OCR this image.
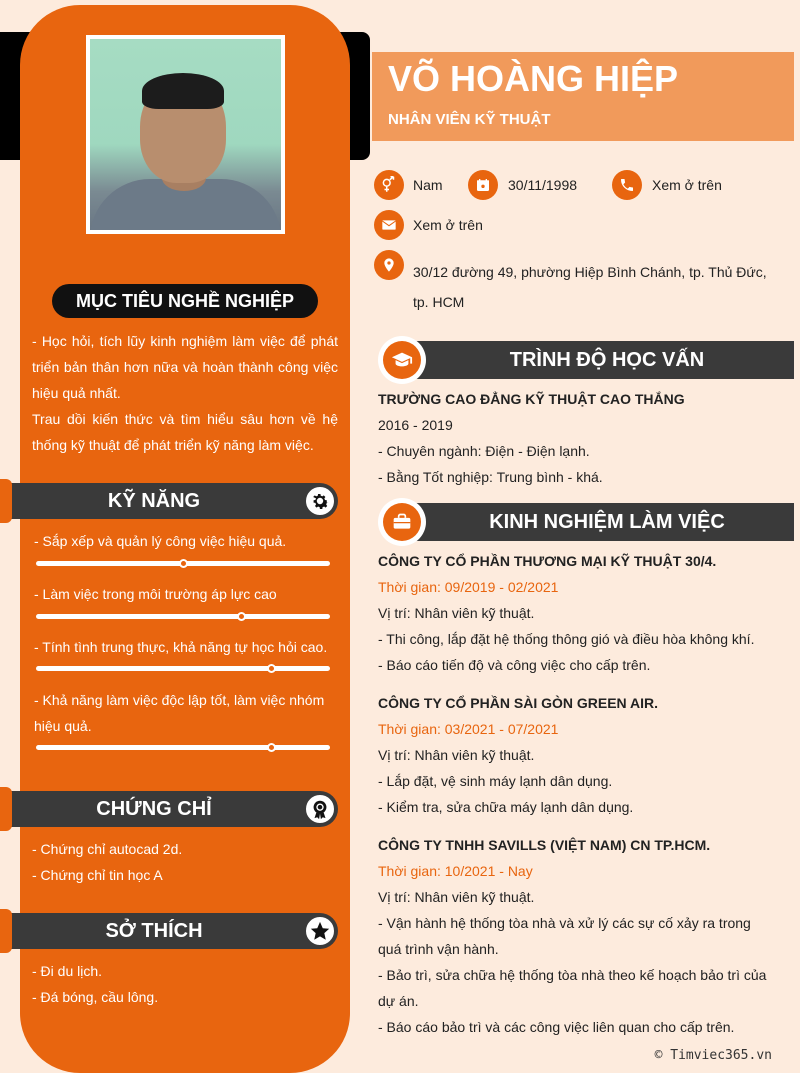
MỤC TIÊU NGHỀ NGHIỆP

- Học hỏi, tích lũy kinh nghiệm làm việc để phát triển bản thân hơn nữa và hoàn thành công việc hiệu quả nhất.

Trau dồi kiến thức và tìm hiểu sâu hơn về hệ thống kỹ thuật để phát triển kỹ năng làm việc.

KỸ NĂNG
- Sắp xếp và quản lý công việc hiệu quả.
- Làm việc trong môi trường áp lực cao
- Tính tình trung thực, khả năng tự học hỏi cao.
- Khả năng làm việc độc lập tốt, làm việc nhóm hiệu quả.
CHỨNG CHỈ

- Chứng chỉ autocad 2d.

- Chứng chỉ tin học A

SỞ THÍCH

- Đi du lịch.

- Đá bóng, cầu lông.

VÕ HOÀNG HIỆP
NHÂN VIÊN KỸ THUẬT
Nam	30/11/1998	Xem ở trên
Xem ở trên
30/12 đường 49, phường Hiệp Bình Chánh, tp. Thủ Đức,
tp. HCM
TRÌNH ĐỘ HỌC VẤN

TRƯỜNG CAO ĐẲNG KỸ THUẬT CAO THẮNG

2016 - 2019

- Chuyên ngành: Điện - Điện lạnh.

- Bằng Tốt nghiệp: Trung bình - khá.

KINH NGHIỆM LÀM VIỆC

CÔNG TY CỔ PHẦN THƯƠNG MẠI KỸ THUẬT 30/4.

Thời gian: 09/2019 - 02/2021

Vị trí: Nhân viên kỹ thuật.

- Thi công, lắp đặt hệ thống thông gió và điều hòa không khí.

- Báo cáo tiến độ và công việc cho cấp trên.

CÔNG TY CỔ PHẦN SÀI GÒN GREEN AIR.

Thời gian: 03/2021 - 07/2021

Vị trí: Nhân viên kỹ thuật.

- Lắp đặt, vệ sinh máy lạnh dân dụng.

- Kiểm tra, sửa chữa máy lạnh dân dụng.

CÔNG TY TNHH SAVILLS (VIỆT NAM) CN TP.HCM.

Thời gian: 10/2021 - Nay

Vị trí: Nhân viên kỹ thuật.

- Vận hành hệ thống tòa nhà và xử lý các sự cố xảy ra trong quá trình vận hành.

- Bảo trì, sửa chữa hệ thống tòa nhà theo kế hoạch bảo trì của dự án.

- Báo cáo bảo trì và các công việc liên quan cho cấp trên.

© Timviec365.vn
